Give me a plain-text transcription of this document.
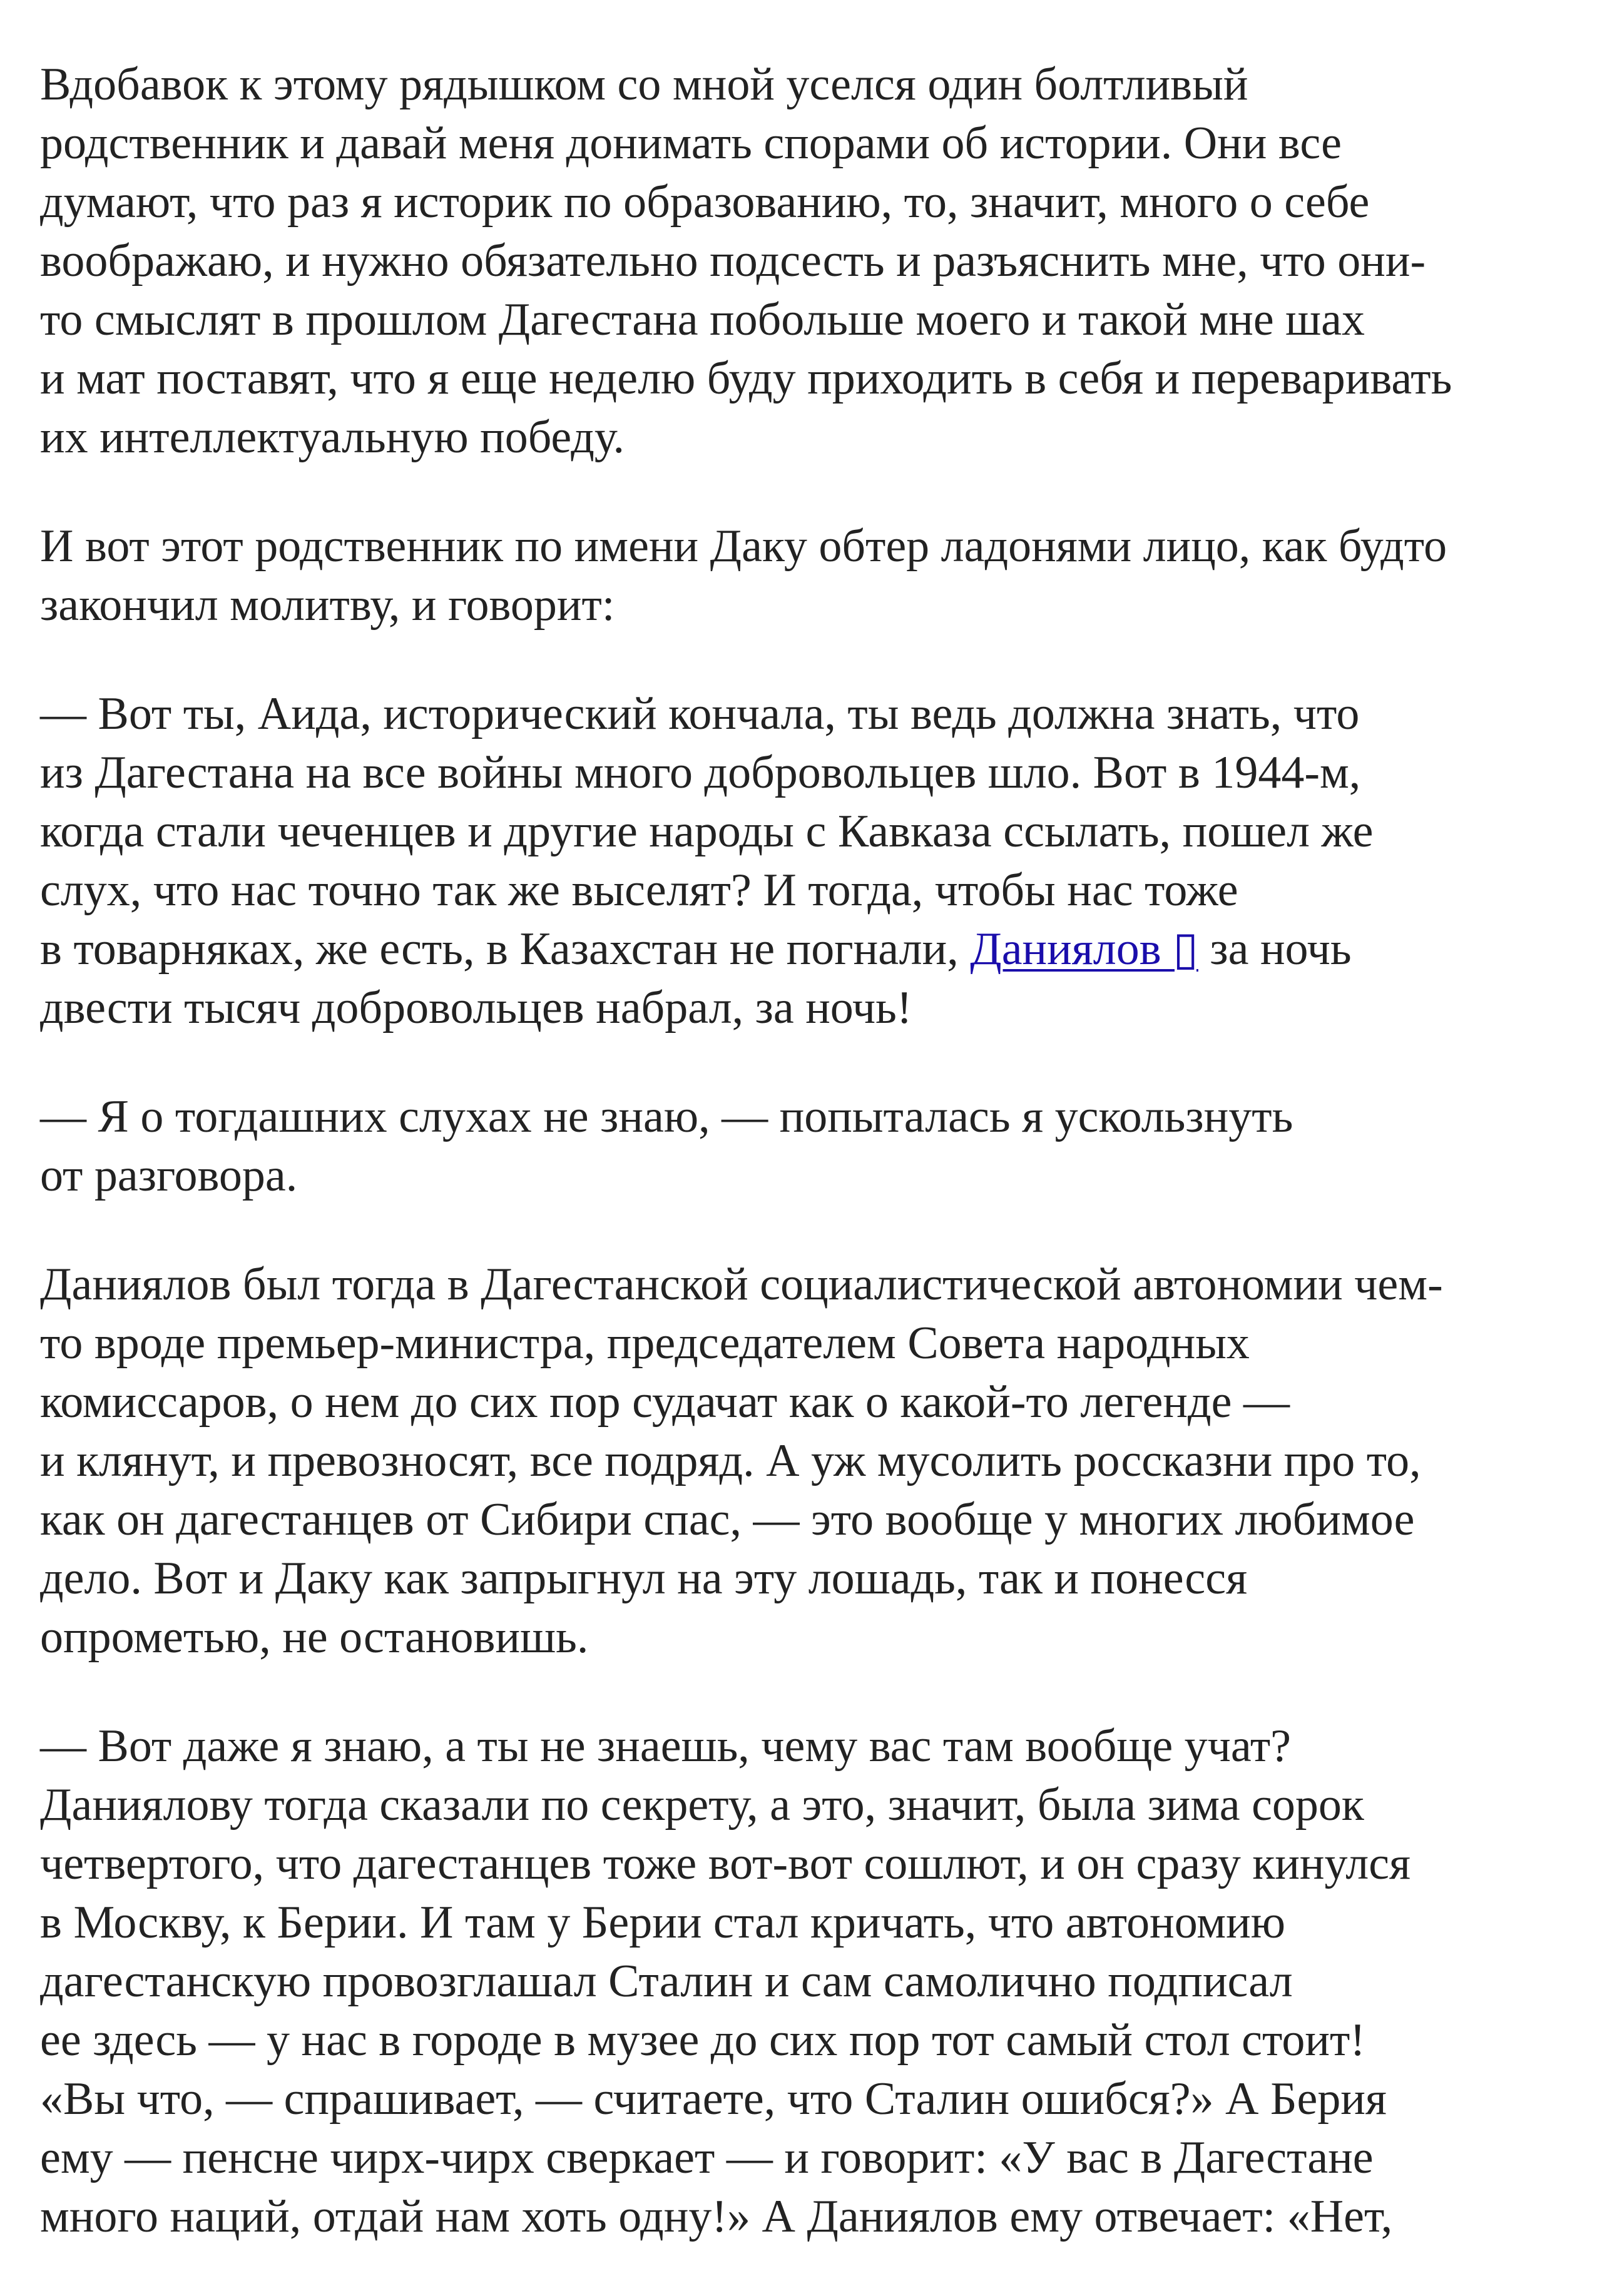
Вдобавок к этому рядышком со мной уселся один болтливый
родственник и давай меня донимать спорами об истории. Они все
думают, что раз я историк по образованию, то, значит, много о себе
воображаю, и нужно обязательно подсесть и разъяснить мне, что они-
то смыслят в прошлом Дагестана побольше моего и такой мне шах
и мат поставят, что я еще неделю буду приходить в себя и переваривать
их интеллектуальную победу.
И вот этот родственник по имени Даку обтер ладонями лицо, как будто
закончил молитву, и говорит:
— Вот ты, Аида, исторический кончала, ты ведь должна знать, что
из Дагестана на все войны много добровольцев шло. Вот в 1944-м,
когда стали чеченцев и другие народы с Кавказа ссылать, пошел же
слух, что нас точно так же выселят? И тогда, чтобы нас тоже
в товарняках, же есть, в Казахстан не погнали, Даниялов ▯ за ночь
двести тысяч добровольцев набрал, за ночь!
— Я о тогдашних слухах не знаю, — попыталась я ускользнуть
от разговора.
Даниялов был тогда в Дагестанской социалистической автономии чем-
то вроде премьер-министра, председателем Совета народных
комиссаров, о нем до сих пор судачат как о какой-то легенде —
и клянут, и превозносят, все подряд. А уж мусолить россказни про то,
как он дагестанцев от Сибири спас, — это вообще у многих любимое
дело. Вот и Даку как запрыгнул на эту лошадь, так и понесся
опрометью, не остановишь.
— Вот даже я знаю, а ты не знаешь, чему вас там вообще учат?
Даниялову тогда сказали по секрету, а это, значит, была зима сорок
четвертого, что дагестанцев тоже вот-вот сошлют, и он сразу кинулся
в Москву, к Берии. И там у Берии стал кричать, что автономию
дагестанскую провозглашал Сталин и сам самолично подписал
ее здесь — у нас в городе в музее до сих пор тот самый стол стоит!
«Вы что, — спрашивает, — считаете, что Сталин ошибся?» А Берия
ему — пенсне чирх-чирх сверкает — и говорит: «У вас в Дагестане
много наций, отдай нам хоть одну!» А Даниялов ему отвечает: «Нет,
